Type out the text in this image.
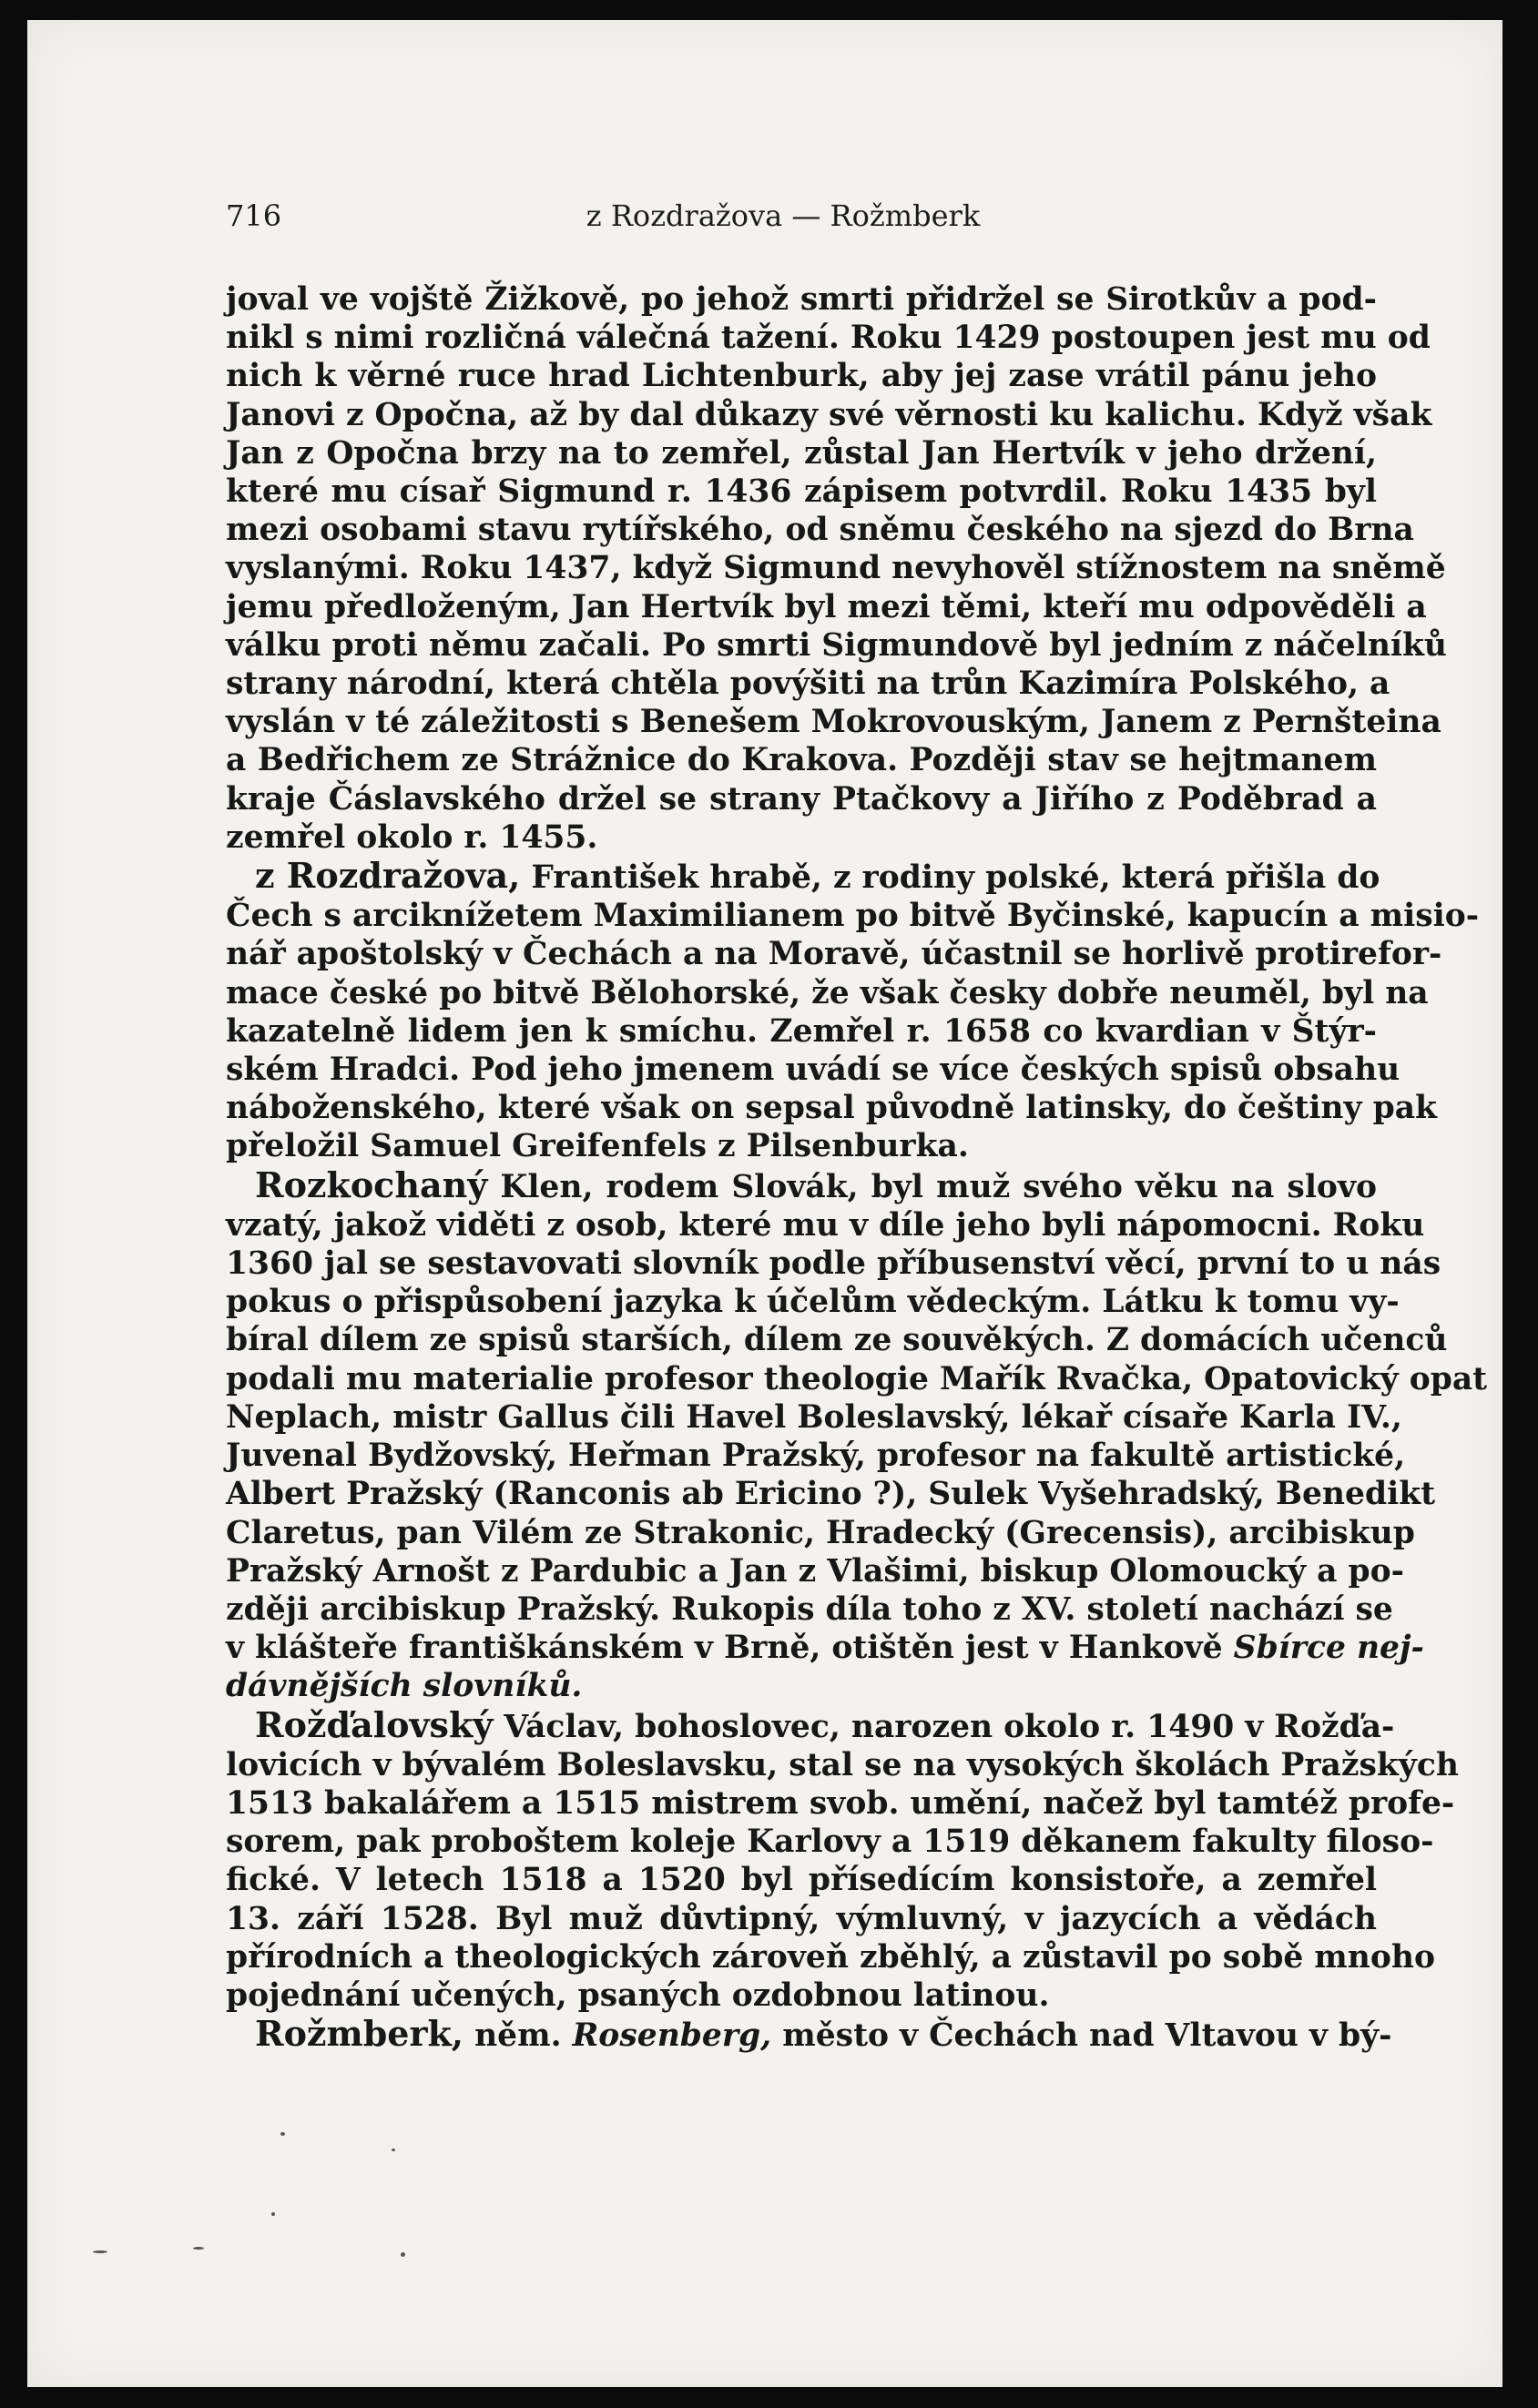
716	z Rozdražova — Rožmberk

joval ve vojště Žižkově, po jehož smrti přidržel se Sirotkův a pod-
nikl s nimi rozličná válečná tažení. Roku 1429 postoupen jest mu od
nich k věrné ruce hrad Lichtenburk, aby jej zase vrátil pánu jeho
Janovi z Opočna, až by dal důkazy své věrnosti ku kalichu. Když však
Jan z Opočna brzy na to zemřel, zůstal Jan Hertvík v jeho držení,
které mu císař Sigmund r. 1436 zápisem potvrdil. Roku 1435 byl
mezi osobami stavu rytířského, od sněmu českého na sjezd do Brna
vyslanými. Roku 1437, když Sigmund nevyhověl stížnostem na sněmě
jemu předloženým, Jan Hertvík byl mezi těmi, kteří mu odpověděli a
válku proti němu začali. Po smrti Sigmundově byl jedním z náčelníků
strany národní, která chtěla povýšiti na trůn Kazimíra Polského, a
vyslán v té záležitosti s Benešem Mokrovouským, Janem z Pernšteina
a Bedřichem ze Strážnice do Krakova. Později stav se hejtmanem
kraje Čáslavského držel se strany Ptačkovy a Jiřího z Poděbrad a
zemřel okolo r. 1455.

z Rozdražova, František hrabě, z rodiny polské, která přišla do
Čech s arciknížetem Maximilianem po bitvě Byčinské, kapucín a misio-
nář apoštolský v Čechách a na Moravě, účastnil se horlivě protirefor-
mace české po bitvě Bělohorské, že však česky dobře neuměl, byl na
kazatelně lidem jen k smíchu. Zemřel r. 1658 co kvardian v Štýr-
ském Hradci. Pod jeho jmenem uvádí se více českých spisů obsahu
náboženského, které však on sepsal původně latinsky, do češtiny pak
přeložil Samuel Greifenfels z Pilsenburka.

Rozkochaný Klen, rodem Slovák, byl muž svého věku na slovo
vzatý, jakož viděti z osob, které mu v díle jeho byli nápomocni. Roku
1360 jal se sestavovati slovník podle příbusenství věcí, první to u nás
pokus o přispůsobení jazyka k účelům vědeckým. Látku k tomu vy-
bíral dílem ze spisů starších, dílem ze souvěkých. Z domácích učenců
podali mu materialie profesor theologie Mařík Rvačka, Opatovický opat
Neplach, mistr Gallus čili Havel Boleslavský, lékař císaře Karla IV.,
Juvenal Bydžovský, Heřman Pražský, profesor na fakultě artistické,
Albert Pražský (Ranconis ab Ericino ?), Sulek Vyšehradský, Benedikt
Claretus, pan Vilém ze Strakonic, Hradecký (Grecensis), arcibiskup
Pražský Arnošt z Pardubic a Jan z Vlašimi, biskup Olomoucký a po-
zději arcibiskup Pražský. Rukopis díla toho z XV. století nachází se
v klášteře františkánském v Brně, otištěn jest v Hankově Sbírce nej-
dávnějších slovníků.

Rožďalovský Václav, bohoslovec, narozen okolo r. 1490 v Rožďa-
lovicích v bývalém Boleslavsku, stal se na vysokých školách Pražských
1513 bakalářem a 1515 mistrem svob. umění, načež byl tamtéž profe-
sorem, pak proboštem koleje Karlovy a 1519 děkanem fakulty filoso-
fické. V letech 1518 a 1520 byl přísedícím konsistoře, a zemřel
13. září 1528. Byl muž důvtipný, výmluvný, v jazycích a vědách
přírodních a theologických zároveň zběhlý, a zůstavil po sobě mnoho
pojednání učených, psaných ozdobnou latinou.

Rožmberk, něm. Rosenberg, město v Čechách nad Vltavou v bý-
